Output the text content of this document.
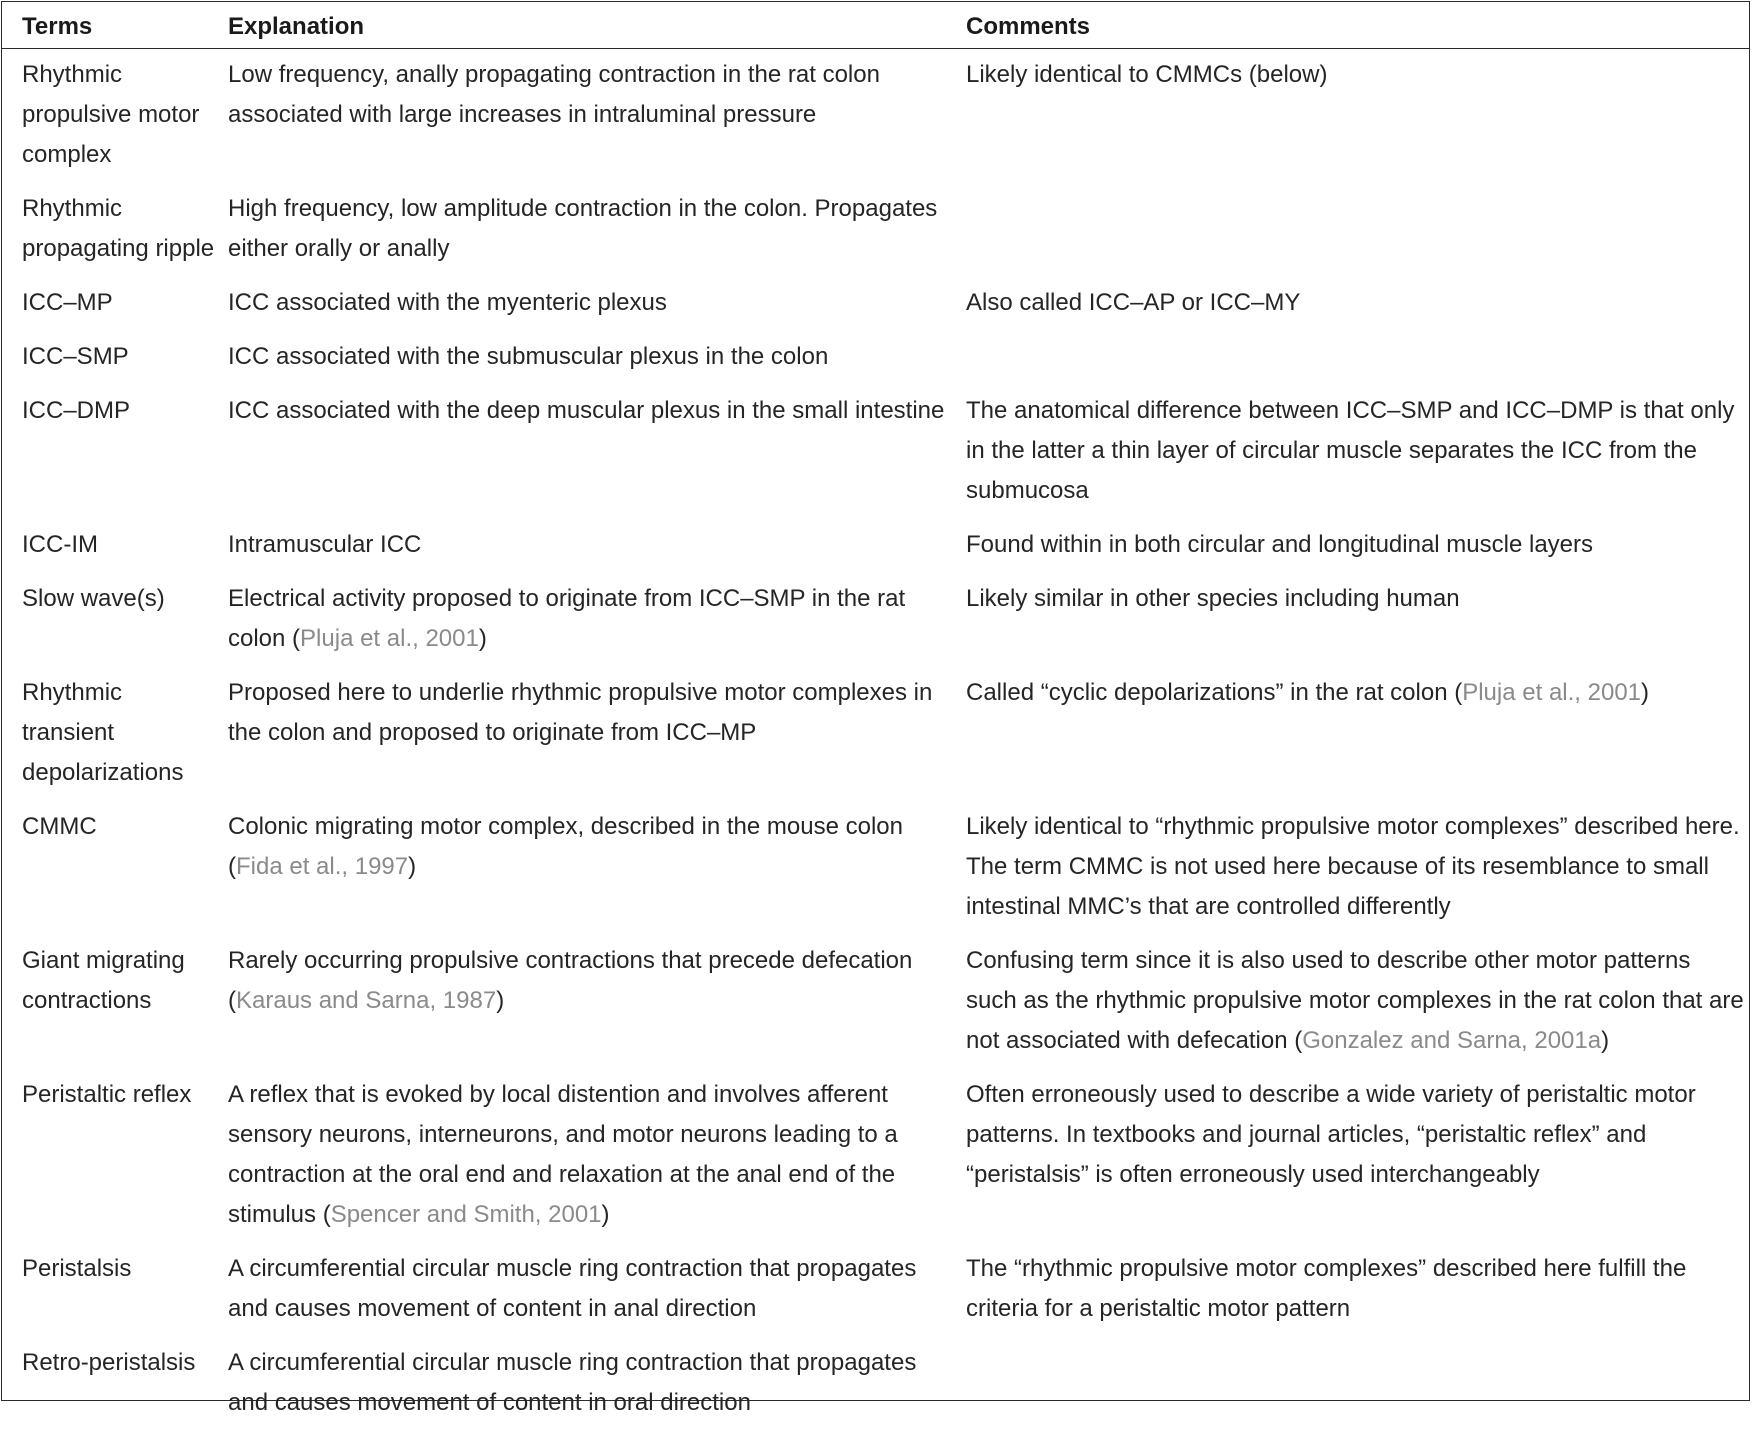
Terms	Explanation	Comments
Rhythmic propulsive motor complex	Low frequency, anally propagating contraction in the rat colon associated with large increases in intraluminal pressure	Likely identical to CMMCs (below)
Rhythmic propagating ripple	High frequency, low amplitude contraction in the colon. Propagates either orally or anally	
ICC–MP	ICC associated with the myenteric plexus	Also called ICC–AP or ICC–MY
ICC–SMP	ICC associated with the submuscular plexus in the colon	
ICC–DMP	ICC associated with the deep muscular plexus in the small intestine	The anatomical difference between ICC–SMP and ICC–DMP is that only in the latter a thin layer of circular muscle separates the ICC from the submucosa
ICC-IM	Intramuscular ICC	Found within in both circular and longitudinal muscle layers
Slow wave(s)	Electrical activity proposed to originate from ICC–SMP in the rat colon (Pluja et al., 2001)	Likely similar in other species including human
Rhythmic transient depolarizations	Proposed here to underlie rhythmic propulsive motor complexes in the colon and proposed to originate from ICC–MP	Called “cyclic depolarizations” in the rat colon (Pluja et al., 2001)
CMMC	Colonic migrating motor complex, described in the mouse colon (Fida et al., 1997)	Likely identical to “rhythmic propulsive motor complexes” described here. The term CMMC is not used here because of its resemblance to small intestinal MMC’s that are controlled differently
Giant migrating contractions	Rarely occurring propulsive contractions that precede defecation (Karaus and Sarna, 1987)	Confusing term since it is also used to describe other motor patterns such as the rhythmic propulsive motor complexes in the rat colon that are not associated with defecation (Gonzalez and Sarna, 2001a)
Peristaltic reflex	A reflex that is evoked by local distention and involves afferent sensory neurons, interneurons, and motor neurons leading to a contraction at the oral end and relaxation at the anal end of the stimulus (Spencer and Smith, 2001)	Often erroneously used to describe a wide variety of peristaltic motor patterns. In textbooks and journal articles, “peristaltic reflex” and “peristalsis” is often erroneously used interchangeably
Peristalsis	A circumferential circular muscle ring contraction that propagates and causes movement of content in anal direction	The “rhythmic propulsive motor complexes” described here fulfill the criteria for a peristaltic motor pattern
Retro-peristalsis	A circumferential circular muscle ring contraction that propagates and causes movement of content in oral direction	
